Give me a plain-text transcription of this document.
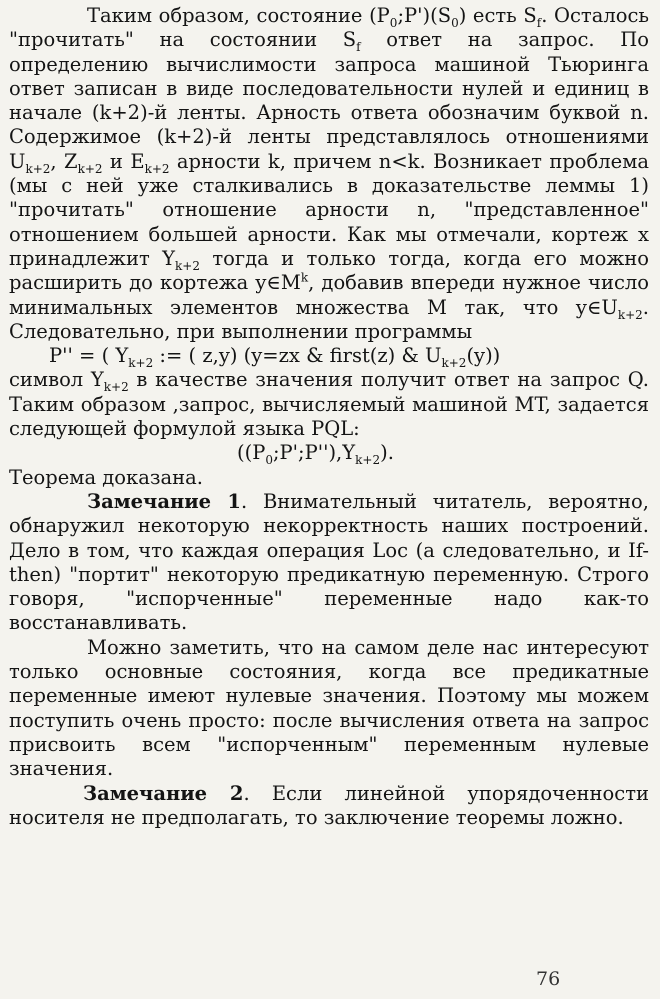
Таким образом, состояние $(P_0;P')(S_0)$ есть $S_f$. Осталось "прочитать" на состоянии $S_f$ ответ на запрос. По определению вычислимости запроса машиной Тьюринга ответ записан в виде последовательности нулей и единиц в начале (k+2)-й ленты. Арность ответа обозначим буквой n. Содержимое (k+2)-й ленты представлялось отношениями $U_{k+2}$, $Z_{k+2}$ и $E_{k+2}$ арности k, причем n<k. Возникает проблема (мы с ней уже сталкивались в доказательстве леммы 1) "прочитать" отношение арности n, "представленное" отношением большей арности. Как мы отмечали, кортеж x принадлежит $Y_{k+2}$ тогда и только тогда, когда его можно расширить до кортежа $y\in M^k$, добавив впереди нужное число минимальных элементов множества M так, что $y\in U_{k+2}$. Следовательно, при выполнении программы

P'' = ( $Y_{k+2}$ := ( z,y) (y=zx & first(z) & $U_{k+2}(y)$)

символ $Y_{k+2}$ в качестве значения получит ответ на запрос Q. Таким образом ,запрос, вычисляемый машиной MT, задается следующей формулой языка PQL:

$((P_0;P';P''),Y_{k+2})$.

Теорема доказана.

Замечание 1. Внимательный читатель, вероятно, обнаружил некоторую некорректность наших построений. Дело в том, что каждая операция Loc (а следовательно, и If-then) "портит" некоторую предикатную переменную. Строго говоря, "испорченные" переменные надо как-то восстанавливать.

Можно заметить, что на самом деле нас интересуют только основные состояния, когда все предикатные переменные имеют нулевые значения. Поэтому мы можем поступить очень просто: после вычисления ответа на запрос присвоить всем "испорченным" переменным нулевые значения.

Замечание 2. Если линейной упорядоченности носителя не предполагать, то заключение теоремы ложно.

76
